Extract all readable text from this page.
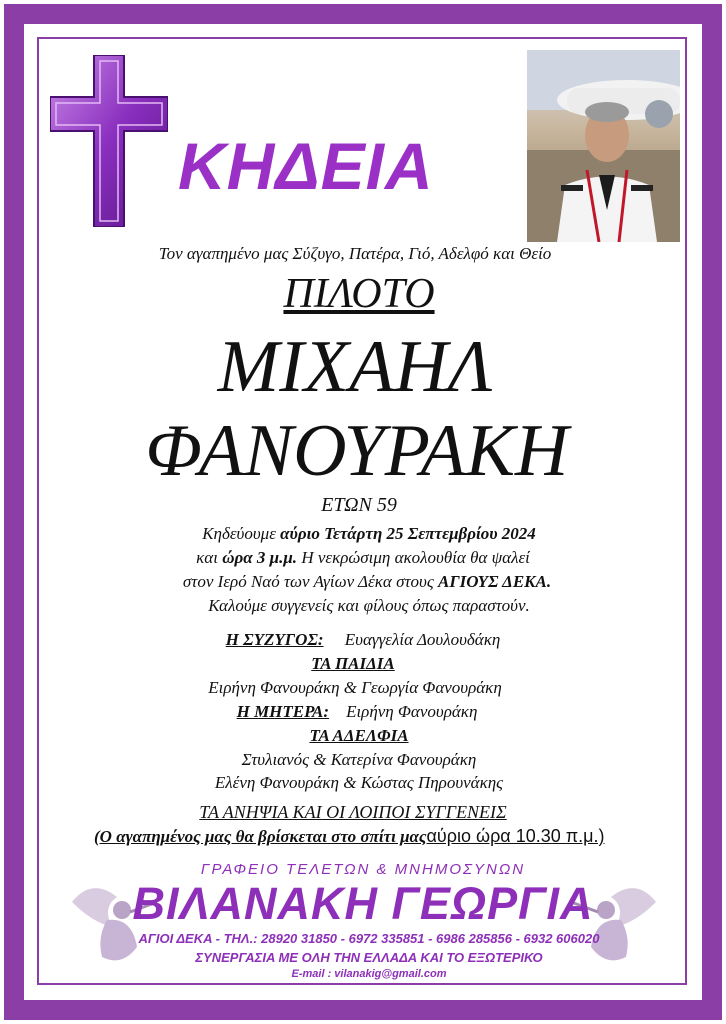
ΚΗΔΕΙΑ
Τον αγαπημένο μας Σύζυγο, Πατέρα, Γιό, Αδελφό και Θείο
ΠΙΛΟΤΟ
ΜΙΧΑΗΛ
ΦΑΝΟΥΡΑΚΗ
ΕΤΩΝ 59
Κηδεύουμε αύριο Τετάρτη 25 Σεπτεμβρίου 2024
και ώρα 3 μ.μ. Η νεκρώσιμη ακολουθία θα ψαλεί
στον Ιερό Ναό των Αγίων Δέκα στους ΑΓΙΟΥΣ ΔΕΚΑ.
Καλούμε συγγενείς και φίλους όπως παραστούν.
Η ΣΥΖΥΓΟΣ: Ευαγγελία Δουλουδάκη
ΤΑ ΠΑΙΔΙΑ
Ειρήνη Φανουράκη & Γεωργία Φανουράκη
Η ΜΗΤΕΡΑ: Ειρήνη Φανουράκη
ΤΑ ΑΔΕΛΦΙΑ
Στυλιανός & Κατερίνα Φανουράκη
Ελένη Φανουράκη & Κώστας Πηρουνάκης
ΤΑ ΑΝΗΨΙΑ ΚΑΙ ΟΙ ΛΟΙΠΟΙ ΣΥΓΓΕΝΕΙΣ
(Ο αγαπημένος μας θα βρίσκεται στο σπίτι μαςαύριο ώρα 10.30 π.μ.)
ΓΡΑΦΕΙΟ ΤΕΛΕΤΩΝ & ΜΝΗΜΟΣΥΝΩΝ
ΒΙΛΑΝΑΚΗ ΓΕΩΡΓΙΑ
ΑΓΙΟΙ ΔΕΚΑ - ΤΗΛ.: 28920 31850 - 6972 335851 - 6986 285856 - 6932 606020
ΣΥΝΕΡΓΑΣΙΑ ΜΕ ΟΛΗ ΤΗΝ ΕΛΛΑΔΑ ΚΑΙ ΤΟ ΕΞΩΤΕΡΙΚΟ
E-mail : vilanakig@gmail.com
